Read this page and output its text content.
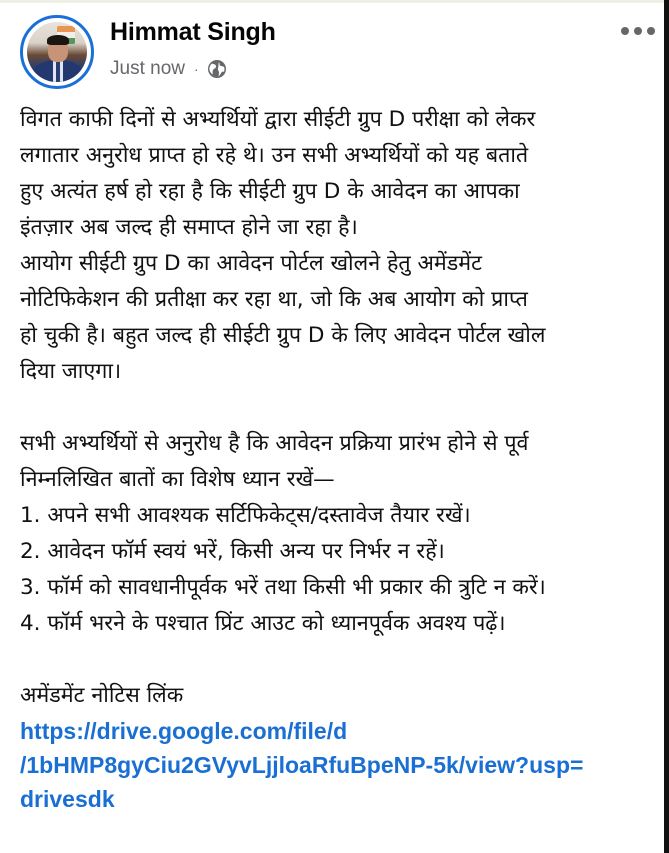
Himmat Singh
Just now ·

विगत काफी दिनों से अभ्यर्थियों द्वारा सीईटी ग्रुप D परीक्षा को लेकर

लगातार अनुरोध प्राप्त हो रहे थे। उन सभी अभ्यर्थियों को यह बताते

हुए अत्यंत हर्ष हो रहा है कि सीईटी ग्रुप D के आवेदन का आपका

इंतज़ार अब जल्द ही समाप्त होने जा रहा है।

आयोग सीईटी ग्रुप D का आवेदन पोर्टल खोलने हेतु अमेंडमेंट

नोटिफिकेशन की प्रतीक्षा कर रहा था, जो कि अब आयोग को प्राप्त

हो चुकी है। बहुत जल्द ही सीईटी ग्रुप D के लिए आवेदन पोर्टल खोल

दिया जाएगा।

सभी अभ्यर्थियों से अनुरोध है कि आवेदन प्रक्रिया प्रारंभ होने से पूर्व

निम्नलिखित बातों का विशेष ध्यान रखें—

1. अपने सभी आवश्यक सर्टिफिकेट्स/दस्तावेज तैयार रखें।

2. आवेदन फॉर्म स्वयं भरें, किसी अन्य पर निर्भर न रहें।

3. फॉर्म को सावधानीपूर्वक भरें तथा किसी भी प्रकार की त्रुटि न करें।

4. फॉर्म भरने के पश्चात प्रिंट आउट को ध्यानपूर्वक अवश्य पढ़ें।

अमेंडमेंट नोटिस लिंक

https://drive.google.com/file/d
/1bHMP8gyCiu2GVyvLjjloaRfuBpeNP-5k/view?usp=
drivesdk
